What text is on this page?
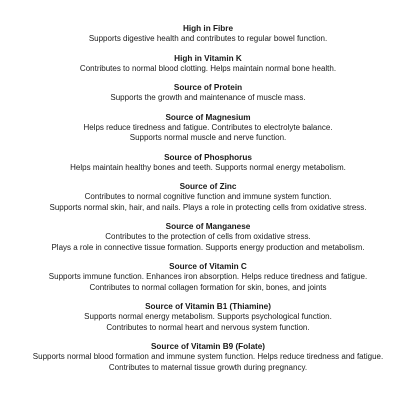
High in Fibre
Supports digestive health and contributes to regular bowel function.
High in Vitamin K
Contributes to normal blood clotting. Helps maintain normal bone health.
Source of Protein
Supports the growth and maintenance of muscle mass.
Source of Magnesium
Helps reduce tiredness and fatigue. Contributes to electrolyte balance.
Supports normal muscle and nerve function.
Source of Phosphorus
Helps maintain healthy bones and teeth. Supports normal energy metabolism.
Source of Zinc
Contributes to normal cognitive function and immune system function.
Supports normal skin, hair, and nails. Plays a role in protecting cells from oxidative stress.
Source of Manganese
Contributes to the protection of cells from oxidative stress.
Plays a role in connective tissue formation. Supports energy production and metabolism.
Source of Vitamin C
Supports immune function. Enhances iron absorption. Helps reduce tiredness and fatigue.
Contributes to normal collagen formation for skin, bones, and joints
Source of Vitamin B1 (Thiamine)
Supports normal energy metabolism. Supports psychological function.
Contributes to normal heart and nervous system function.
Source of Vitamin B9 (Folate)
Supports normal blood formation and immune system function. Helps reduce tiredness and fatigue.
Contributes to maternal tissue growth during pregnancy.
